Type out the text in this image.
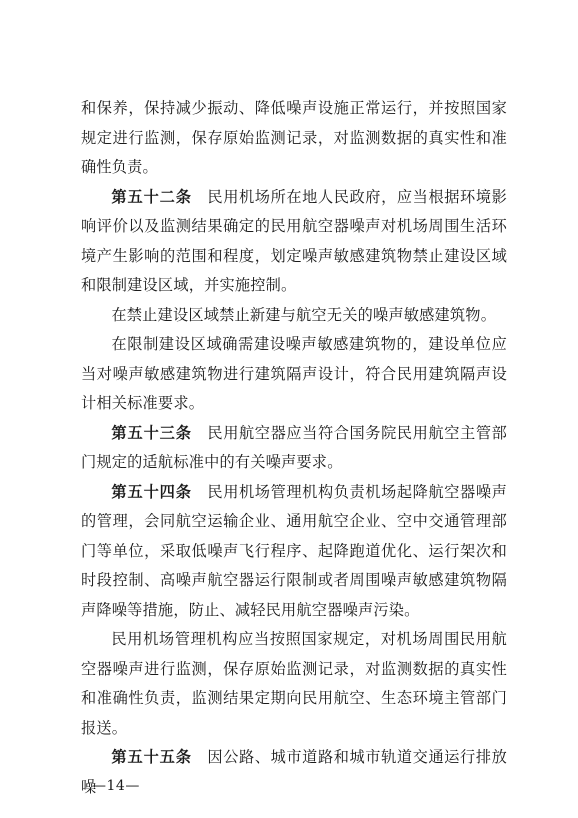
和保养，保持减少振动、降低噪声设施正常运行，并按照国家规定进行监测，保存原始监测记录，对监测数据的真实性和准确性负责。

第五十二条 民用机场所在地人民政府，应当根据环境影响评价以及监测结果确定的民用航空器噪声对机场周围生活环境产生影响的范围和程度，划定噪声敏感建筑物禁止建设区域和限制建设区域，并实施控制。

在禁止建设区域禁止新建与航空无关的噪声敏感建筑物。

在限制建设区域确需建设噪声敏感建筑物的，建设单位应当对噪声敏感建筑物进行建筑隔声设计，符合民用建筑隔声设计相关标准要求。

第五十三条 民用航空器应当符合国务院民用航空主管部门规定的适航标准中的有关噪声要求。

第五十四条 民用机场管理机构负责机场起降航空器噪声的管理，会同航空运输企业、通用航空企业、空中交通管理部门等单位，采取低噪声飞行程序、起降跑道优化、运行架次和时段控制、高噪声航空器运行限制或者周围噪声敏感建筑物隔声降噪等措施，防止、减轻民用航空器噪声污染。

民用机场管理机构应当按照国家规定，对机场周围民用航空器噪声进行监测，保存原始监测记录，对监测数据的真实性和准确性负责，监测结果定期向民用航空、生态环境主管部门报送。

第五十五条 因公路、城市道路和城市轨道交通运行排放噪

—14—
